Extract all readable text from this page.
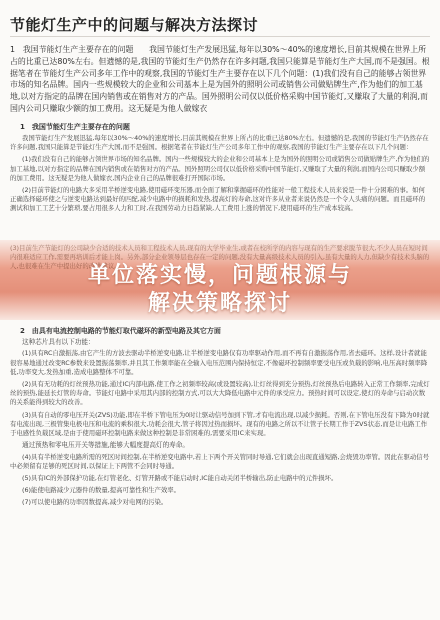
节能灯生产中的问题与解决方法探讨
1　我国节能灯生产主要存在的问题　　我国节能灯生产发展迅猛,每年以30%～40%的速度增长,目前其规模在世界上所占的比重已达80%左右。但遗憾的是,我国的节能灯生产仍然存在许多问题,我国只能算是节能灯生产大国,而不是强国。根据笔者在节能灯生产公司多年工作中的观察,我国的节能灯生产主要存在以下几个问题：(1)我们没有自己的能够占领世界市场的知名品牌。国内一些规模较大的企业和公司基本上是为国外的照明公司或销售公司做贴牌生产,作为他们的加工基地,以对方指定的品牌在国内销售或在销售对方的产品。国外照明公司仅以低价格采购中国节能灯,又赚取了大量的利润,而国内公司只赚取少额的加工费用。这无疑是为他人做嫁衣
1　我国节能灯生产主要存在的问题
我国节能灯生产发展迅猛,每年以30%～40%的速度增长,目前其规模在世界上所占的比重已达80%左右。但遗憾的是,我国的节能灯生产仍然存在许多问题,我国只能算是节能灯生产大国,而不是强国。根据笔者在节能灯生产公司多年工作中的观察,我国的节能灯生产主要存在以下几个问题：
(1)我们没有自己的能够占领世界市场的知名品牌。国内一些规模较大的企业和公司基本上是为国外的照明公司或销售公司做贴牌生产,作为他们的加工基地,以对方指定的品牌在国内销售或在销售对方的产品。国外照明公司仅以低价格采购中国节能灯,又赚取了大量的利润,而国内公司只赚取少额的加工费用。这无疑是为他人做嫁衣,国内企业自己的品牌很难打开国际市场。
(2)目前节能灯的电路大多采用半桥逆变电路,使用磁环变压器,而全面了解和掌握磁环的性能对一般工程技术人员来说是一件十分困难的事。如何正确选择磁环使之与逆变电路达到最好的匹配,减少电路中的损耗和发热,提高灯的寿命,这对许多从业者来说仍然是一个令人头痛的问题。而且磁环的测试和加工工艺十分繁琐,要占用很多人力和工时,在我国劳动力日趋紧缺,人工费用上涨的情况下,使用磁环的生产成本较高。
(3)目前生产节能灯的公司缺少合适的技术人员和工程技术人员,现有的大学毕业生,或者在校所学的内容与现有的生产要求脱节很大,不少人员在短时间内很难适应工作,需要再培训后才能上岗。另外,部分企业领导层也存在一定的问题,没有大量高级技术人员的引入,虽有大量的人力,但缺少有技术头脑的人,也很难在生产中提出好的改进建议。
单位落实慢，问题根源与
解决策略探讨
2　由具有电流控制电路的节能灯取代磁环的新型电路及其它方面
这种芯片具有以下功能：
(1)具有RC自激振荡,由它产生的方波去驱动半桥逆变电路,让半桥逆变电路仅有功率驱动作用,而不再有自激振荡作用,省去磁环。这样,设计者就能很容易地通过改变RC参数来设置振荡频率,并且其工作频率能在全输入电压范围内保持恒定,不像磁环控制频率要受电压或负载的影响,电压高时频率降低,功率变大,发热加重,造成电路整体不可靠。
(2)具有无功耗的灯丝预热功能,通过IC内部电路,使工作之初频率较高(或设置较高),让灯丝得到充分预热,灯丝预热后电路转入正常工作频率,完成灯丝的预热,能延长灯管的寿命。节能灯电路中采用其内部的控制方式,可以大大降低电路中元件的承受应力。预热时间可以设定,使灯的寿命与启动次数的关系能得到较大的改善。
(3)具有自动的零电压开关(ZVS)功能,即在半桥下管电压为0时让驱动信号加到下管,才有电流出现,以减少损耗。否则,在下管电压没有下降为0时就有电流出现,三极管集电极电压和电流的乘积很大,功耗会很大,管子将因过热而损坏。现有的电路之所以不让管子长期工作于ZVS状态,而是让电路工作于电感性负载区域,是由于使用磁环控制电路来做这种控制是非常困难的,需要采用IC来实现。
通过预热和零电压开关等措施,能够大幅度提高灯的寿命。
(4)具有半桥逆变电路所需的死区时间控制,在半桥逆变电路中,若上下两个开关管同时导通,它们就会出现直通短路,会烧毁功率管。因此在驱动信号中必须留有足够的死区时间,以保证上下两管不会同时导通。
(5)具有IC的外部保护功能,在灯管老化、灯管开路或不能启动时,IC能自动关闭半桥输出,防止电路中的元件损坏。
(6)能使电路减少元器件的数量,提高可靠性和生产效率。
(7)可以使电路的功率因数提高,减少对电网的污染。
